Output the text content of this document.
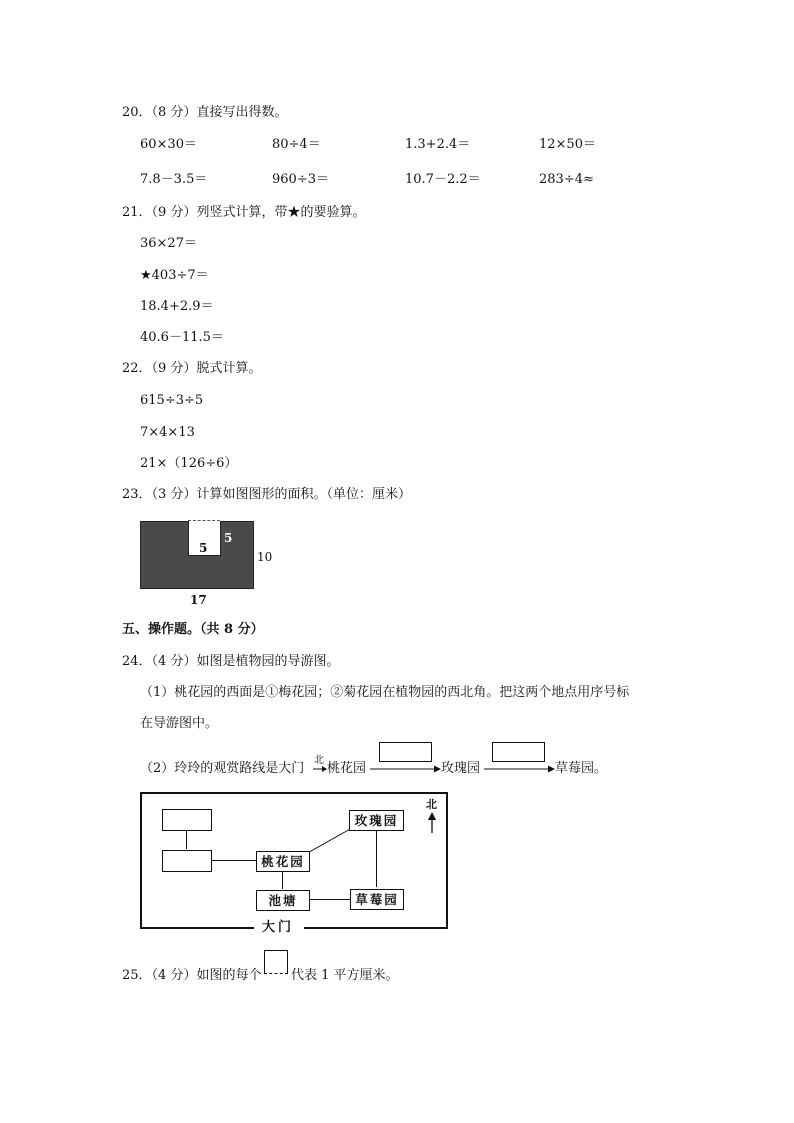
20．（8 分）直接写出得数。
60×30＝	80÷4＝	1.3+2.4＝	12×50＝
7.8－3.5＝	960÷3＝	10.7－2.2＝	283÷4≈
21．（9 分）列竖式计算，带★的要验算。
36×27＝
★403÷7＝
18.4+2.9＝
40.6－11.5＝
22．（9 分）脱式计算。
615÷3÷5
7×4×13
21×（126÷6）
23．（3 分）计算如图图形的面积。（单位：厘米）
5
5
10
17
五、操作题。（共 8 分）
24．（4 分）如图是植物园的导游图。
（1）桃花园的西面是①梅花园；②菊花园在植物园的西北角。把这两个地点用序号标
在导游图中。
（2）玲玲的观赏路线是大门
北
桃花园	玫瑰园	草莓园。
大门
玫瑰园
桃花园
池塘	草莓园
北
25．（4 分）如图的每个 代表 1 平方厘米。
